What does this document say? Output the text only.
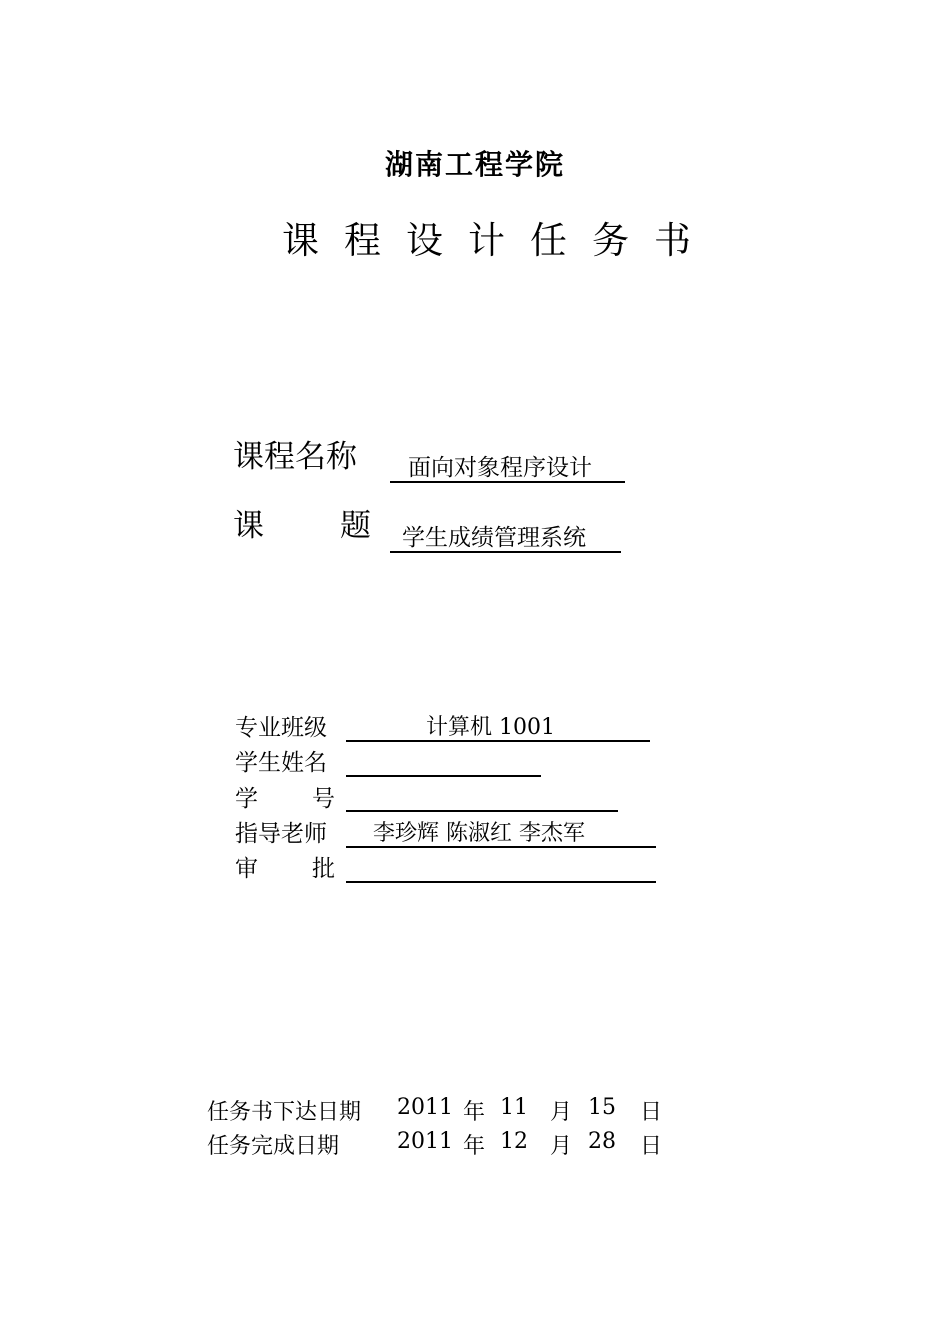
湖南工程学院
课程设计任务书
课程名称 面向对象程序设计
课 题 学生成绩管理系统
专业班级	计算机 1001
学生姓名
学 号
指导老师 李珍辉 陈淑红 李杰军
审 批
任务书下达日期 2011 年 11 月 15 日
任务完成日期	2011 年 12 月 28 日
